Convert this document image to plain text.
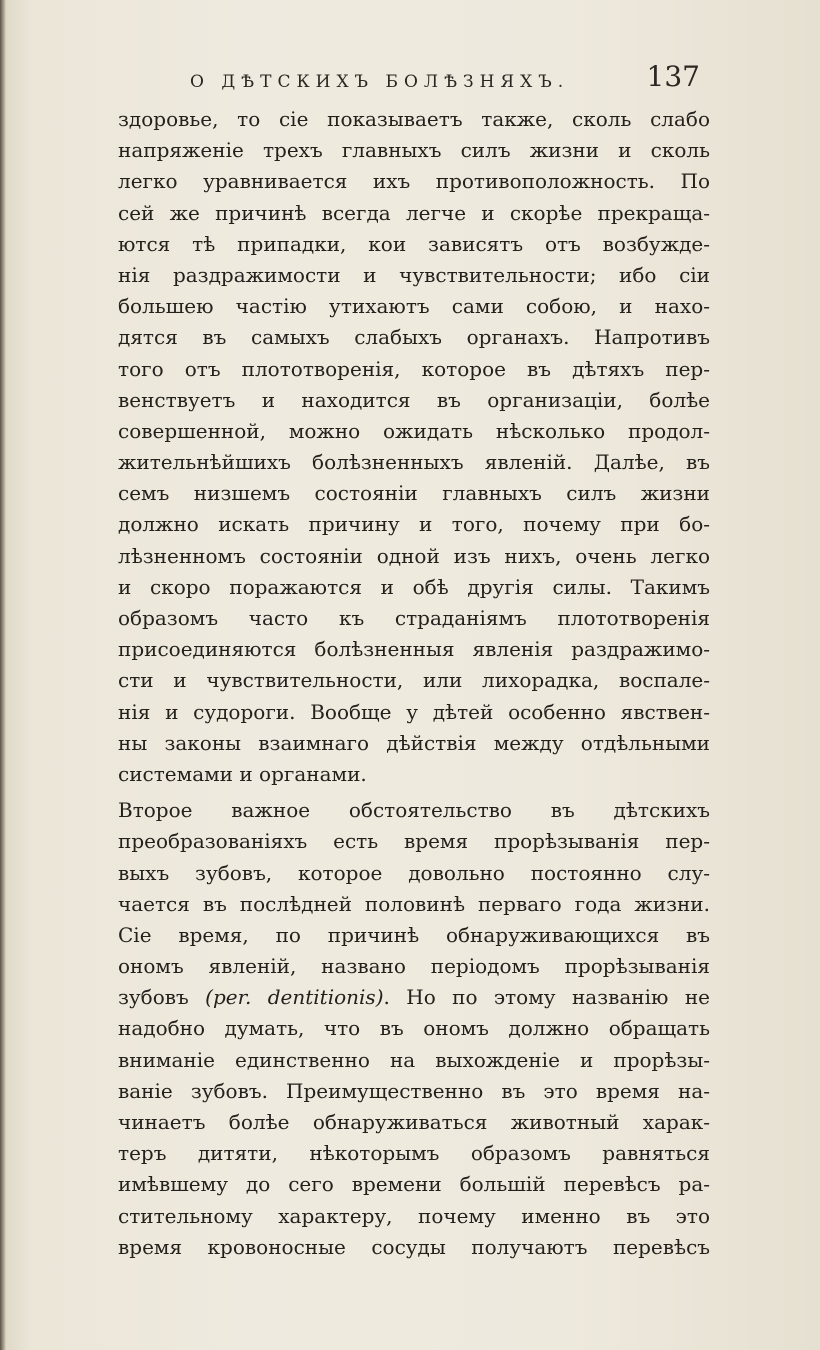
О ДѢТСКИХЪ БОЛѢЗНЯХЪ.	137
здоровье, то сіе показываетъ также, сколь слабо
напряженіе трехъ главныхъ силъ жизни и сколь
легко уравнивается ихъ противоположность. По
сей же причинѣ всегда легче и скорѣе прекраща-
ются тѣ припадки, кои зависятъ отъ возбужде-
нія раздражимости и чувствительности; ибо сіи
большею частію утихаютъ сами собою, и нахо-
дятся въ самыхъ слабыхъ органахъ. Напротивъ
того отъ плототворенія, которое въ дѣтяхъ пер-
венствуетъ и находится въ организаціи, болѣе
совершенной, можно ожидать нѣсколько продол-
жительнѣйшихъ болѣзненныхъ явленій. Далѣе, въ
семъ низшемъ состояніи главныхъ силъ жизни
должно искать причину и того, почему при бо-
лѣзненномъ состояніи одной изъ нихъ, очень легко
и скоро поражаются и обѣ другія силы. Такимъ
образомъ часто къ страданіямъ плототворенія
присоединяются болѣзненныя явленія раздражимо-
сти и чувствительности, или лихорадка, воспале-
нія и судороги. Вообще у дѣтей особенно явствен-
ны законы взаимнаго дѣйствія между отдѣльными
системами и органами.
Второе важное обстоятельство въ дѣтскихъ
преобразованіяхъ есть время прорѣзыванія пер-
выхъ зубовъ, которое довольно постоянно слу-
чается въ послѣдней половинѣ перваго года жизни.
Сіе время, по причинѣ обнаруживающихся въ
ономъ явленій, названо періодомъ прорѣзыванія
зубовъ (per. dentitionis). Но по этому названію не
надобно думать, что въ ономъ должно обращать
вниманіе единственно на выхожденіе и прорѣзы-
ваніе зубовъ. Преимущественно въ это время на-
чинаетъ болѣе обнаруживаться животный харак-
теръ дитяти, нѣкоторымъ образомъ равняться
имѣвшему до сего времени большій перевѣсъ ра-
стительному характеру, почему именно въ это
время кровоносные сосуды получаютъ перевѣсъ
